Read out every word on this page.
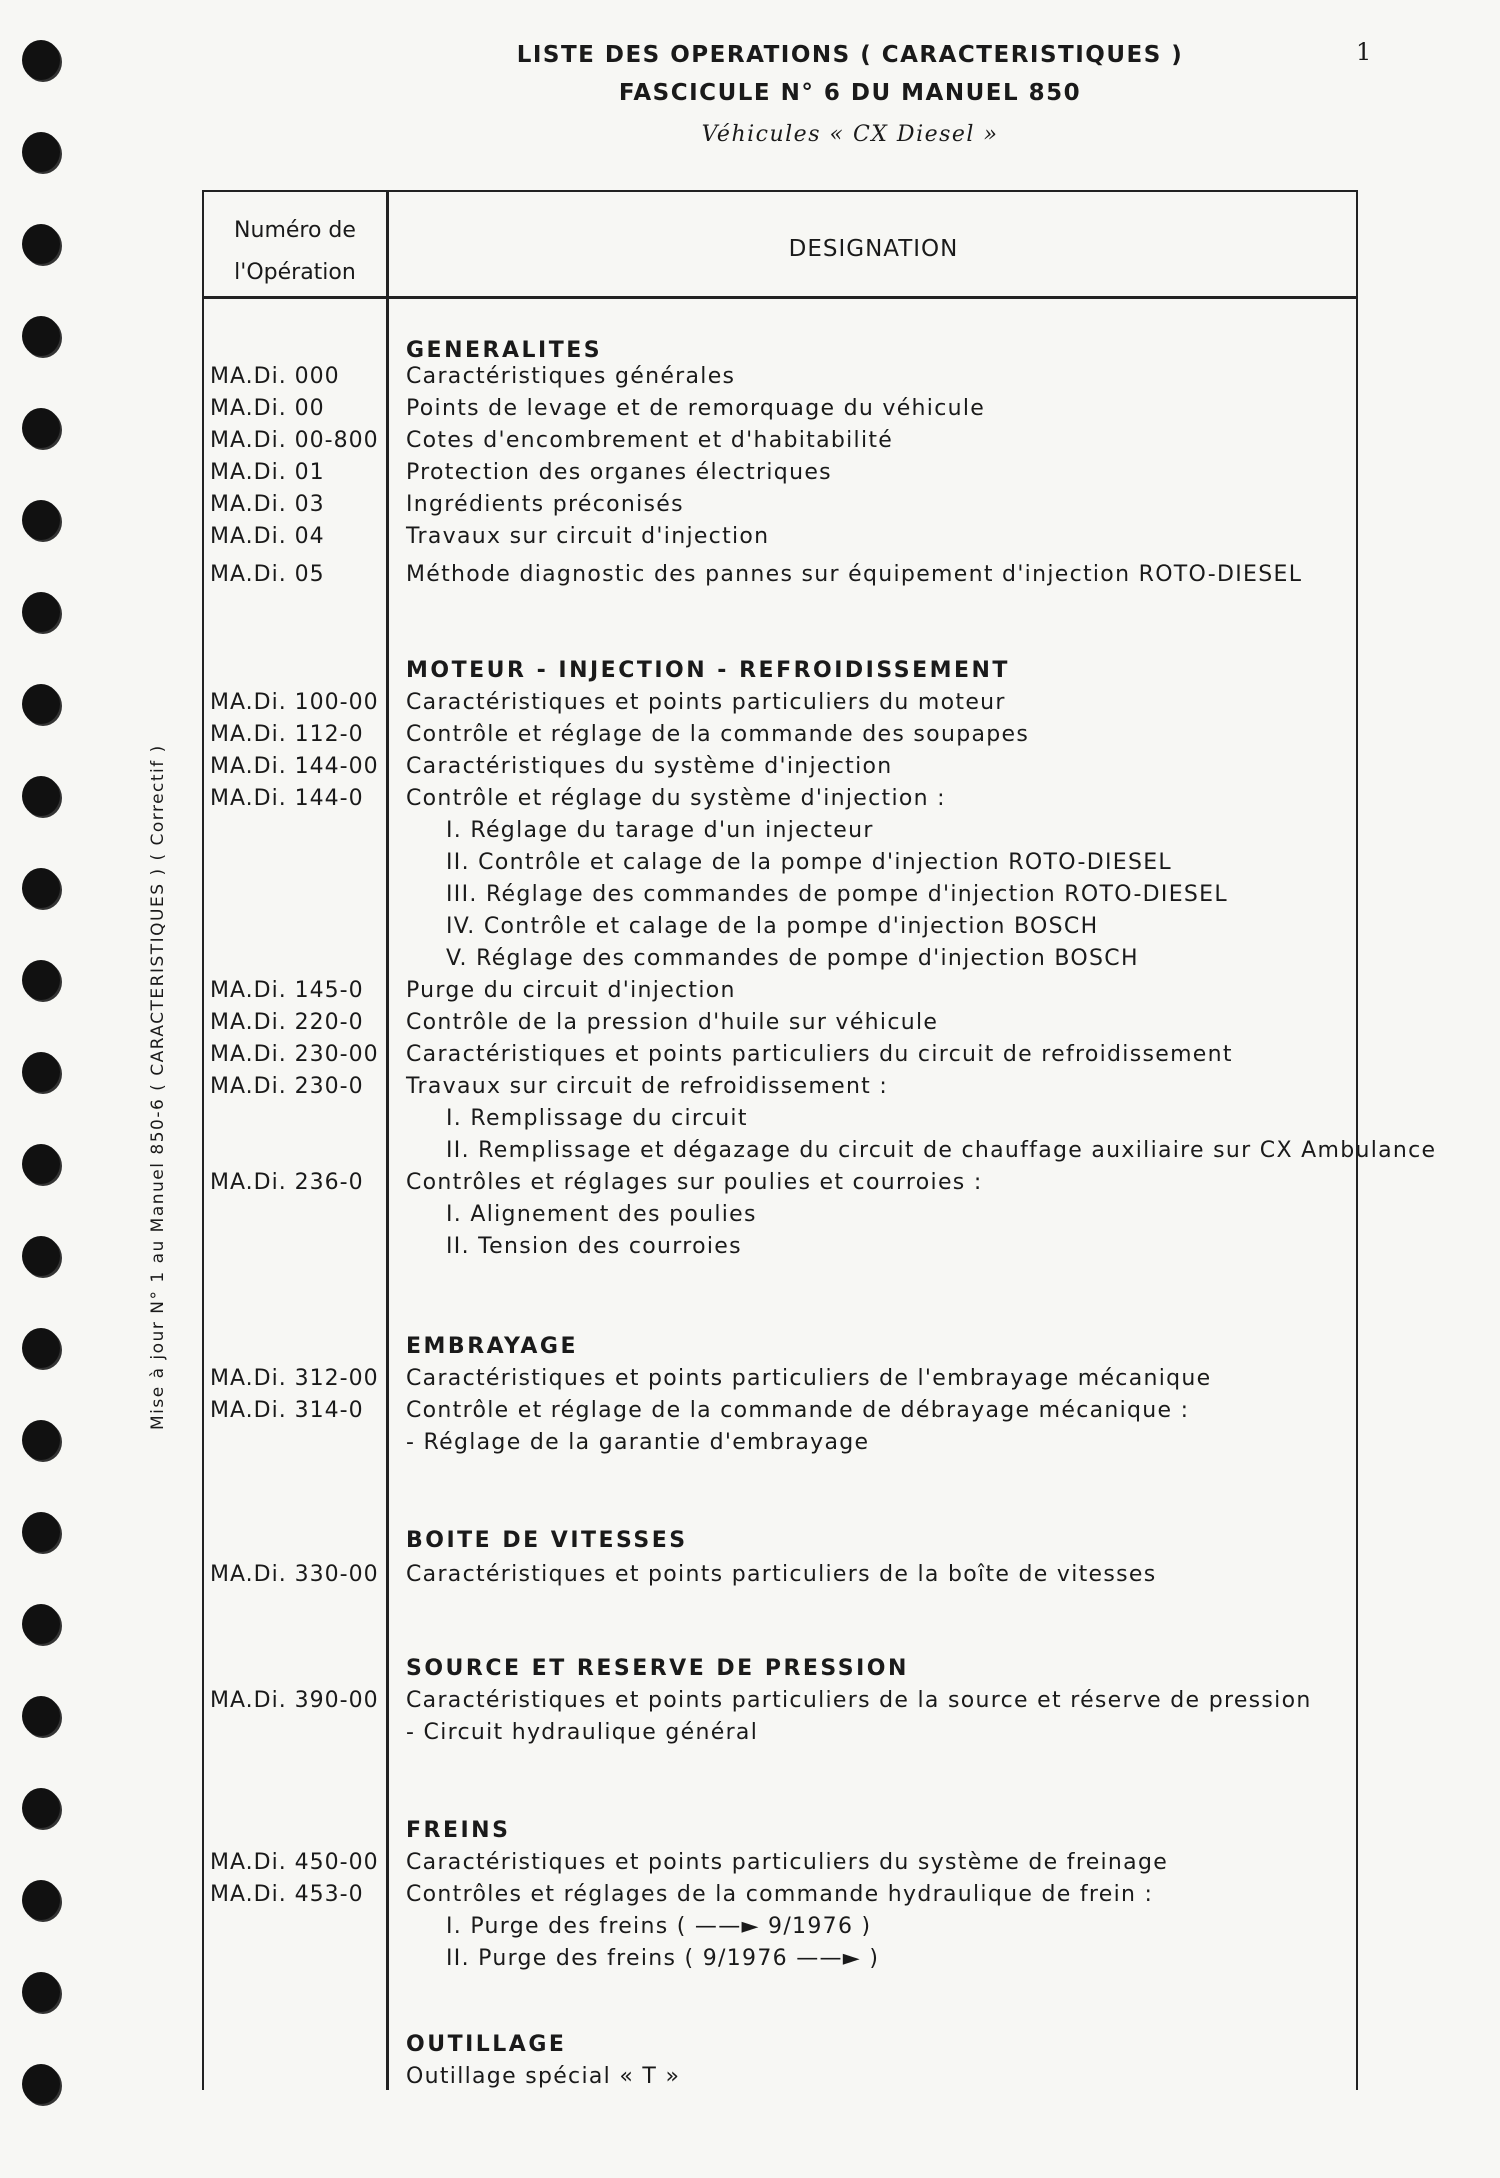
1
LISTE DES OPERATIONS ( CARACTERISTIQUES )
FASCICULE N° 6 DU MANUEL 850
Véhicules « CX Diesel »
Mise à jour N° 1 au Manuel 850-6 ( CARACTERISTIQUES ) ( Correctif )
Numéro de
l'Opération
DESIGNATION
GENERALITES
MA.Di. 000	Caractéristiques générales
MA.Di. 00	Points de levage et de remorquage du véhicule
MA.Di. 00-800 Cotes d'encombrement et d'habitabilité
MA.Di. 01	Protection des organes électriques
MA.Di. 03	Ingrédients préconisés
MA.Di. 04	Travaux sur circuit d'injection
MA.Di. 05	Méthode diagnostic des pannes sur équipement d'injection ROTO-DIESEL
MOTEUR - INJECTION - REFROIDISSEMENT
MA.Di. 100-00 Caractéristiques et points particuliers du moteur
MA.Di. 112-0 Contrôle et réglage de la commande des soupapes
MA.Di. 144-00 Caractéristiques du système d'injection
MA.Di. 144-0 Contrôle et réglage du système d'injection :
I. Réglage du tarage d'un injecteur
II. Contrôle et calage de la pompe d'injection ROTO-DIESEL
III. Réglage des commandes de pompe d'injection ROTO-DIESEL
IV. Contrôle et calage de la pompe d'injection BOSCH
V. Réglage des commandes de pompe d'injection BOSCH
MA.Di. 145-0 Purge du circuit d'injection
MA.Di. 220-0 Contrôle de la pression d'huile sur véhicule
MA.Di. 230-00 Caractéristiques et points particuliers du circuit de refroidissement
MA.Di. 230-0 Travaux sur circuit de refroidissement :
I. Remplissage du circuit
II. Remplissage et dégazage du circuit de chauffage auxiliaire sur CX Ambulance
MA.Di. 236-0 Contrôles et réglages sur poulies et courroies :
I. Alignement des poulies
II. Tension des courroies
EMBRAYAGE
MA.Di. 312-00 Caractéristiques et points particuliers de l'embrayage mécanique
MA.Di. 314-0 Contrôle et réglage de la commande de débrayage mécanique :
- Réglage de la garantie d'embrayage
BOITE DE VITESSES
MA.Di. 330-00 Caractéristiques et points particuliers de la boîte de vitesses
SOURCE ET RESERVE DE PRESSION
MA.Di. 390-00 Caractéristiques et points particuliers de la source et réserve de pression
- Circuit hydraulique général
FREINS
MA.Di. 450-00 Caractéristiques et points particuliers du système de freinage
MA.Di. 453-0 Contrôles et réglages de la commande hydraulique de frein :
I. Purge des freins ( ——► 9/1976 )
II. Purge des freins ( 9/1976 ——► )
OUTILLAGE
Outillage spécial « T »
